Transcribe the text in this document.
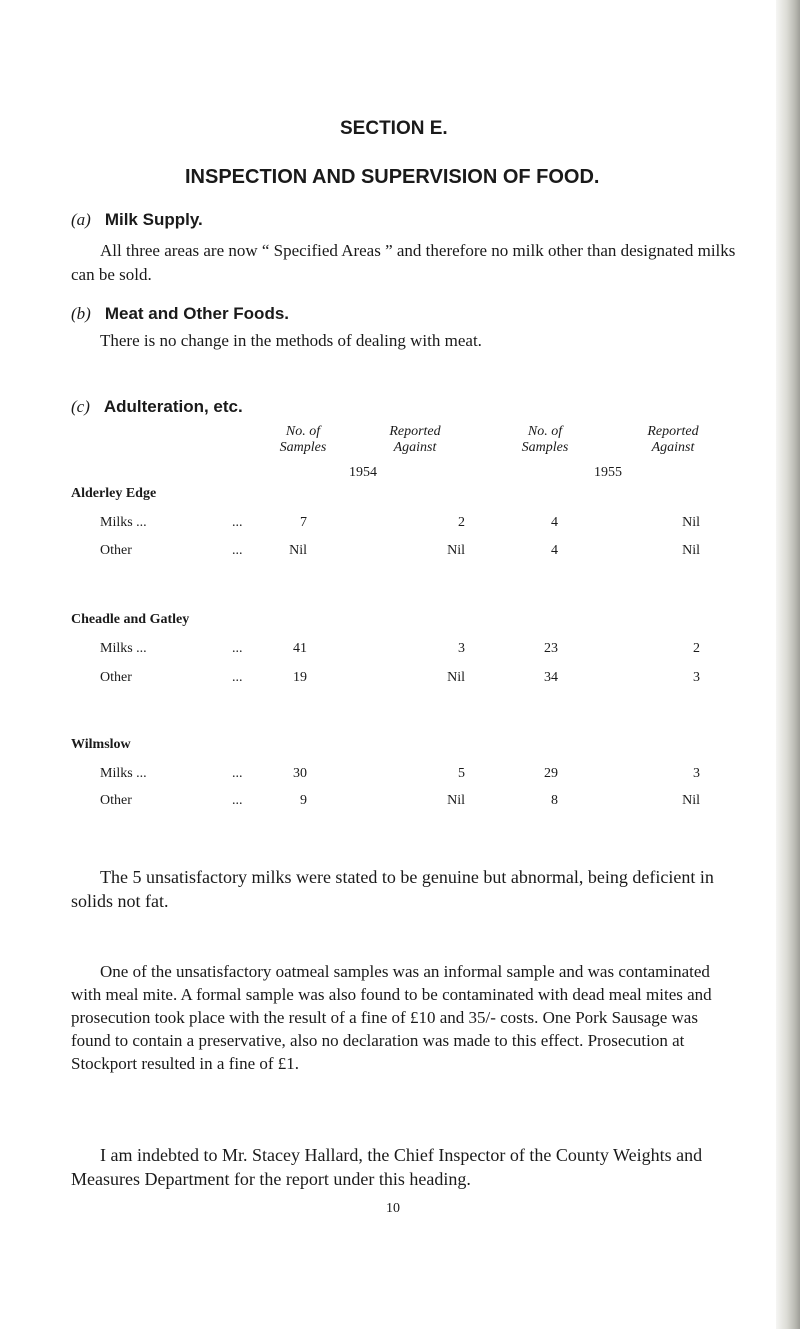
SECTION E.
INSPECTION AND SUPERVISION OF FOOD.
(a) Milk Supply.
All three areas are now “ Specified Areas ” and therefore no milk other than designated milks can be sold.
(b) Meat and Other Foods.
There is no change in the methods of dealing with meat.
(c) Adulteration, etc.
No. of
Samples
Reported
Against
No. of
Samples
Reported
Against
1954	1955
Alderley Edge
Milks ...	...	7	2	4	Nil
Other	...	Nil	Nil	4	Nil
Cheadle and Gatley
Milks ...	...	41	3	23	2
Other	...	19	Nil	34	3
Wilmslow
Milks ...	...	30	5	29	3
Other	...	9	Nil	8	Nil
The 5 unsatisfactory milks were stated to be genuine but abnormal, being deficient in solids not fat.
One of the unsatisfactory oatmeal samples was an informal sample and was contaminated with meal mite. A formal sample was also found to be contaminated with dead meal mites and prosecution took place with the result of a fine of £10 and 35/- costs. One Pork Sausage was found to contain a preservative, also no declaration was made to this effect. Prosecution at Stockport resulted in a fine of £1.
I am indebted to Mr. Stacey Hallard, the Chief Inspector of the County Weights and Measures Department for the report under this heading.
10
